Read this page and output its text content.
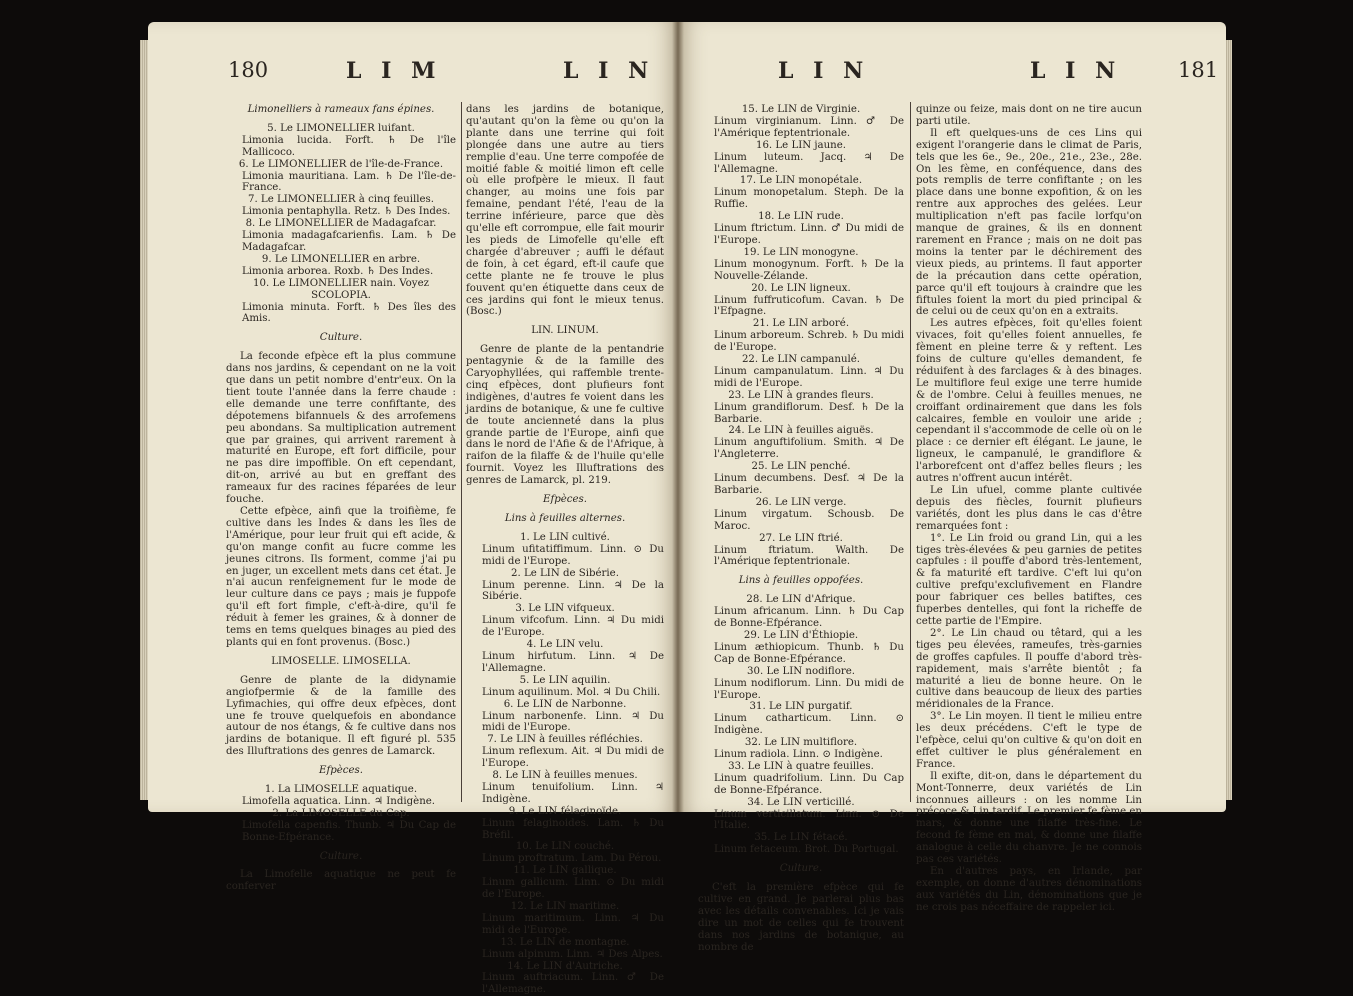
180	L I M	L I N

Limonelliers à rameaux fans épines.

5. Le LIMONELLIER luifant.

Limonia lucida. Forft. ♄ De l'île Mallicoco.

6. Le LIMONELLIER de l'île-de-France.

Limonia mauritiana. Lam. ♄ De l'île-de-France.

7. Le LIMONELLIER à cinq feuilles.

Limonia pentaphylla. Retz. ♄ Des Indes.

8. Le LIMONELLIER de Madagafcar.

Limonia madagafcarienfis. Lam. ♄ De Madagafcar.

9. Le LIMONELLIER en arbre.

Limonia arborea. Roxb. ♄ Des Indes.

10. Le LIMONELLIER nain. Voyez SCOLOPIA.

Limonia minuta. Forft. ♄ Des îles des Amis.

Culture.

La feconde efpèce eft la plus commune dans nos jardins, & cependant on ne la voit que dans un petit nombre d'entr'eux. On la tient toute l'année dans la ferre chaude : elle demande une terre confiftante, des dépotemens bifannuels & des arrofemens peu abondans. Sa multiplication autrement que par graines, qui arrivent rarement à maturité en Europe, eft fort difficile, pour ne pas dire impoffible. On eft cependant, dit-on, arrivé au but en greffant des rameaux fur des racines féparées de leur fouche.

Cette efpèce, ainfi que la troifième, fe cultive dans les Indes & dans les îles de l'Amérique, pour leur fruit qui eft acide, & qu'on mange confit au fucre comme les jeunes citrons. Ils forment, comme j'ai pu en juger, un excellent mets dans cet état. Je n'ai aucun renfeignement fur le mode de leur culture dans ce pays ; mais je fuppofe qu'il eft fort fimple, c'eft-à-dire, qu'il fe réduit à femer les graines, & à donner de tems en tems quelques binages au pied des plants qui en font provenus. (Bosc.)

LIMOSELLE. LIMOSELLA.

Genre de plante de la didynamie angiofpermie & de la famille des Lyfimachies, qui offre deux efpèces, dont une fe trouve quelquefois en abondance autour de nos étangs, & fe cultive dans nos jardins de botanique. Il eft figuré pl. 535 des Illuftrations des genres de Lamarck.

Efpèces.

1. La LIMOSELLE aquatique.

Limofella aquatica. Linn. ♃ Indigène.

2. La LIMOSELLE du Cap.

Limofella capenfis. Thunb. ♃ Du Cap de Bonne-Efpérance.

Culture.

La Limofelle aquatique ne peut fe conferver

dans les jardins de botanique, qu'autant qu'on la fème ou qu'on la plante dans une terrine qui foit plongée dans une autre au tiers remplie d'eau. Une terre compofée de moitié fable & moitié limon eft celle où elle profpère le mieux. Il faut changer, au moins une fois par femaine, pendant l'été, l'eau de la terrine inférieure, parce que dès qu'elle eft corrompue, elle fait mourir les pieds de Limofelle qu'elle eft chargée d'abreuver ; auffi le défaut de foin, à cet égard, eft-il caufe que cette plante ne fe trouve le plus fouvent qu'en étiquette dans ceux de ces jardins qui font le mieux tenus. (Bosc.)

LIN. LINUM.

Genre de plante de la pentandrie pentagynie & de la famille des Caryophyllées, qui raffemble trente-cinq efpèces, dont plufieurs font indigènes, d'autres fe voient dans les jardins de botanique, & une fe cultive de toute ancienneté dans la plus grande partie de l'Europe, ainfi que dans le nord de l'Afie & de l'Afrique, à raifon de la filaffe & de l'huile qu'elle fournit. Voyez les Illuftrations des genres de Lamarck, pl. 219.

Efpèces.

Lins à feuilles alternes.

1. Le LIN cultivé.

Linum ufitatiffimum. Linn. ⊙ Du midi de l'Europe.

2. Le LIN de Sibérie.

Linum perenne. Linn. ♃ De la Sibérie.

3. Le LIN vifqueux.

Linum vifcofum. Linn. ♃ Du midi de l'Europe.

4. Le LIN velu.

Linum hirfutum. Linn. ♃ De l'Allemagne.

5. Le LIN aquilin.

Linum aquilinum. Mol. ♃ Du Chili.

6. Le LIN de Narbonne.

Linum narbonenfe. Linn. ♃ Du midi de l'Europe.

7. Le LIN à feuilles réfléchies.

Linum reflexum. Ait. ♃ Du midi de l'Europe.

8. Le LIN à feuilles menues.

Linum tenuifolium. Linn. ♃ Indigène.

9. Le LIN félaginoïde.

Linum felaginoides. Lam. ♄ Du Bréfil.

10. Le LIN couché.

Linum proftratum. Lam. Du Pérou.

11. Le LIN gallique.

Linum gallicum. Linn. ⊙ Du midi de l'Europe.

12. Le LIN maritime.

Linum maritimum. Linn. ♃ Du midi de l'Europe.

13. Le LIN de montagne.

Linum alpinum. Linn. ♃ Des Alpes.

14. Le LIN d'Autriche.

Linum auftriacum. Linn. ♂ De l'Allemagne.

L I N	L I N	181

15. Le LIN de Virginie.

Linum virginianum. Linn. ♂ De l'Amérique feptentrionale.

16. Le LIN jaune.

Linum luteum. Jacq. ♃ De l'Allemagne.

17. Le LIN monopétale.

Linum monopetalum. Steph. De la Ruffie.

18. Le LIN rude.

Linum ftrictum. Linn. ♂ Du midi de l'Europe.

19. Le LIN monogyne.

Linum monogynum. Forft. ♄ De la Nouvelle-Zélande.

20. Le LIN ligneux.

Linum fuffruticofum. Cavan. ♄ De l'Efpagne.

21. Le LIN arboré.

Linum arboreum. Schreb. ♄ Du midi de l'Europe.

22. Le LIN campanulé.

Linum campanulatum. Linn. ♃ Du midi de l'Europe.

23. Le LIN à grandes fleurs.

Linum grandiflorum. Desf. ♄ De la Barbarie.

24. Le LIN à feuilles aiguës.

Linum anguftifolium. Smith. ♃ De l'Angleterre.

25. Le LIN penché.

Linum decumbens. Desf. ♃ De la Barbarie.

26. Le LIN verge.

Linum virgatum. Schousb. De Maroc.

27. Le LIN ftrié.

Linum ftriatum. Walth. De l'Amérique feptentrionale.

Lins à feuilles oppofées.

28. Le LIN d'Afrique.

Linum africanum. Linn. ♄ Du Cap de Bonne-Efpérance.

29. Le LIN d'Éthiopie.

Linum æthiopicum. Thunb. ♄ Du Cap de Bonne-Efpérance.

30. Le LIN nodiflore.

Linum nodiflorum. Linn. Du midi de l'Europe.

31. Le LIN purgatif.

Linum catharticum. Linn. ⊙ Indigène.

32. Le LIN multiflore.

Linum radiola. Linn. ⊙ Indigène.

33. Le LIN à quatre feuilles.

Linum quadrifolium. Linn. Du Cap de Bonne-Efpérance.

34. Le LIN verticillé.

Linum verticillatum. Linn. ⊙ De l'Italie.

35. Le LIN fétacé.

Linum fetaceum. Brot. Du Portugal.

Culture.

C'eft la première efpèce qui fe cultive en grand. Je parlerai plus bas avec les détails convenables. Ici je vais dire un mot de celles qui fe trouvent dans nos jardins de botanique, au nombre de

quinze ou feize, mais dont on ne tire aucun parti utile.

Il eft quelques-uns de ces Lins qui exigent l'orangerie dans le climat de Paris, tels que les 6e., 9e., 20e., 21e., 23e., 28e. On les fème, en conféquence, dans des pots remplis de terre confiftante ; on les place dans une bonne expofition, & on les rentre aux approches des gelées. Leur multiplication n'eft pas facile lorfqu'on manque de graines, & ils en donnent rarement en France ; mais on ne doit pas moins la tenter par le déchirement des vieux pieds, au printems. Il faut apporter de la précaution dans cette opération, parce qu'il eft toujours à craindre que les fiftules foient la mort du pied principal & de celui ou de ceux qu'on en a extraits.

Les autres efpèces, foit qu'elles foient vivaces, foit qu'elles foient annuelles, fe fèment en pleine terre & y reftent. Les foins de culture qu'elles demandent, fe réduifent à des farclages & à des binages. Le multiflore feul exige une terre humide & de l'ombre. Celui à feuilles menues, ne croiffant ordinairement que dans les fols calcaires, femble en vouloir une aride ; cependant il s'accommode de celle où on le place : ce dernier eft élégant. Le jaune, le ligneux, le campanulé, le grandiflore & l'arborefcent ont d'affez belles fleurs ; les autres n'offrent aucun intérêt.

Le Lin ufuel, comme plante cultivée depuis des fiècles, fournit plufieurs variétés, dont les plus dans le cas d'être remarquées font :

1°. Le Lin froid ou grand Lin, qui a les tiges très-élevées & peu garnies de petites capfules : il pouffe d'abord très-lentement, & fa maturité eft tardive. C'eft lui qu'on cultive prefqu'exclufivement en Flandre pour fabriquer ces belles batiftes, ces fuperbes dentelles, qui font la richeffe de cette partie de l'Empire.

2°. Le Lin chaud ou têtard, qui a les tiges peu élevées, rameufes, très-garnies de groffes capfules. Il pouffe d'abord très-rapidement, mais s'arrête bientôt ; fa maturité a lieu de bonne heure. On le cultive dans beaucoup de lieux des parties méridionales de la France.

3°. Le Lin moyen. Il tient le milieu entre les deux précédens. C'eft le type de l'efpèce, celui qu'on cultive & qu'on doit en effet cultiver le plus généralement en France.

Il exifte, dit-on, dans le département du Mont-Tonnerre, deux variétés de Lin inconnues ailleurs : on les nomme Lin précoce & Lin tardif. Le premier fe fème en mars, & donne une filaffe très-fine. Le fecond fe fème en mai, & donne une filaffe analogue à celle du chanvre. Je ne connois pas ces variétés.

En d'autres pays, en Irlande, par exemple, on donne d'autres dénominations aux variétés du Lin, dénominations que je ne crois pas néceffaire de rappeler ici.
